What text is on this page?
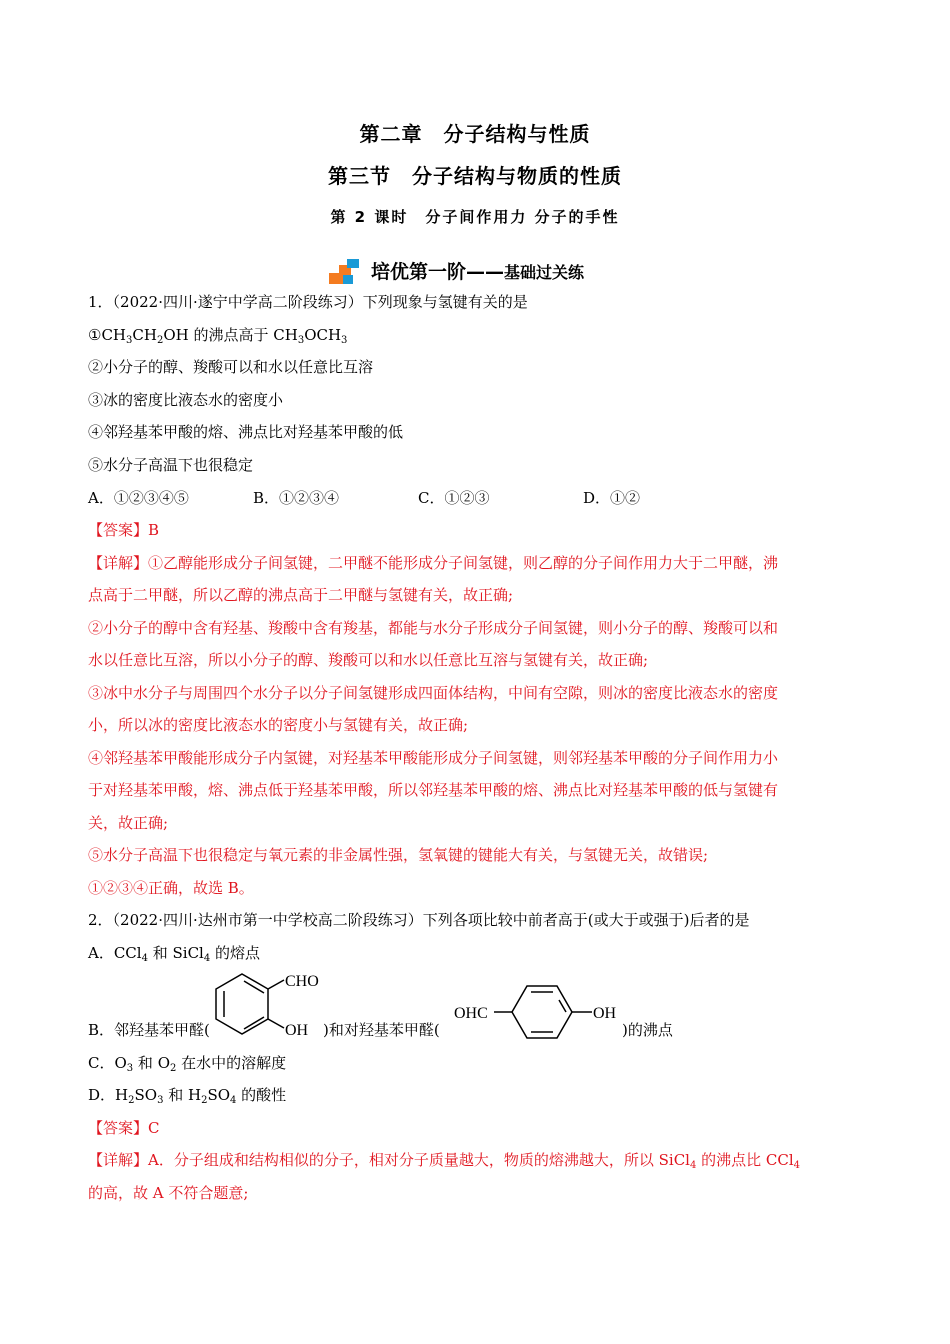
第二章　分子结构与性质
第三节　分子结构与物质的性质
第 2 课时　分子间作用力 分子的手性
培优第一阶——基础过关练
1．（2022·四川·遂宁中学高二阶段练习）下列现象与氢键有关的是
$①CH_3CH_2OH$ 的沸点高于 $CH_3OCH_3$
②小分子的醇、羧酸可以和水以任意比互溶
③冰的密度比液态水的密度小
④邻羟基苯甲酸的熔、沸点比对羟基苯甲酸的低
⑤水分子高温下也很稳定
A．①②③④⑤	B．①②③④	C．①②③	D．①②
【答案】B
【详解】①乙醇能形成分子间氢键，二甲醚不能形成分子间氢键，则乙醇的分子间作用力大于二甲醚，沸
点高于二甲醚，所以乙醇的沸点高于二甲醚与氢键有关，故正确;
②小分子的醇中含有羟基、羧酸中含有羧基，都能与水分子形成分子间氢键，则小分子的醇、羧酸可以和
水以任意比互溶，所以小分子的醇、羧酸可以和水以任意比互溶与氢键有关，故正确;
③冰中水分子与周围四个水分子以分子间氢键形成四面体结构，中间有空隙，则冰的密度比液态水的密度
小，所以冰的密度比液态水的密度小与氢键有关，故正确;
④邻羟基苯甲酸能形成分子内氢键，对羟基苯甲酸能形成分子间氢键，则邻羟基苯甲酸的分子间作用力小
于对羟基苯甲酸，熔、沸点低于羟基苯甲酸，所以邻羟基苯甲酸的熔、沸点比对羟基苯甲酸的低与氢键有
关，故正确;
⑤水分子高温下也很稳定与氧元素的非金属性强，氢氧键的键能大有关，与氢键无关，故错误;
①②③④正确，故选 B。
2．（2022·四川·达州市第一中学校高二阶段练习）下列各项比较中前者高于(或大于或强于)后者的是
A．CCl$_4$ 和 SiCl$_4$ 的熔点
B．邻羟基苯甲醛(
CHO
OH )和对羟基苯甲醛(
OHC	OH
)的沸点
C．$O_3$ 和 $O_2$ 在水中的溶解度
D．$H_2SO_3$ 和 $H_2SO_4$ 的酸性
【答案】C
【详解】A．分子组成和结构相似的分子，相对分子质量越大，物质的熔沸越大，所以 SiCl$_4$ 的沸点比 CCl$_4$
的高，故 A 不符合题意;
